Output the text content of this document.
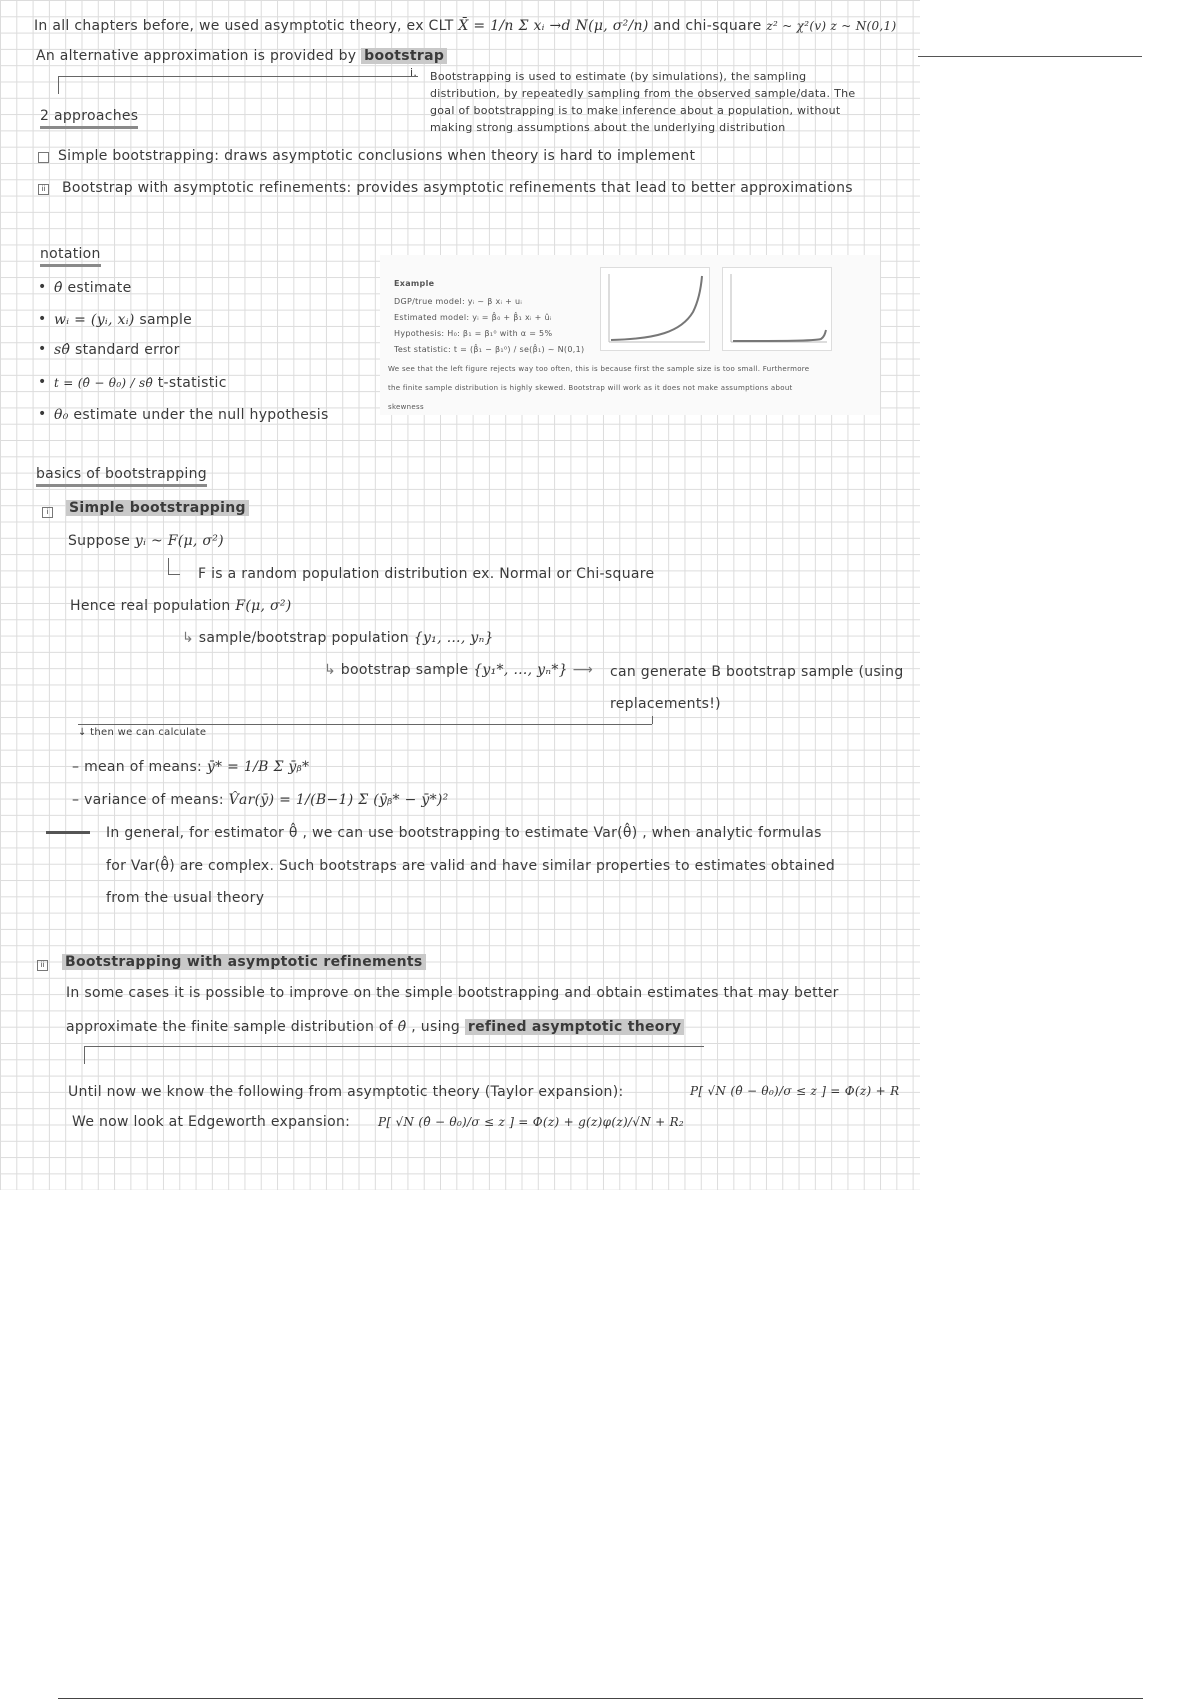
In all chapters before, we used asymptotic theory, ex CLT X̄ = 1/n Σ xᵢ →d N(μ, σ²/n) and chi-square z² ~ χ²(v) z ~ N(0,1)
An alternative approximation is provided by bootstrap
i. Bootstrapping is used to estimate (by simulations), the sampling
distribution, by repeatedly sampling from the observed sample/data. The
goal of bootstrapping is to make inference about a population, without
making strong assumptions about the underlying distribution
2 approaches
Simple bootstrapping: draws asymptotic conclusions when theory is hard to implement
ii Bootstrap with asymptotic refinements: provides asymptotic refinements that lead to better approximations
notation
• θ̂ estimate
• wᵢ = (yᵢ, xᵢ) sample
• sθ̂ standard error
• t = (θ̂ − θ₀) / sθ̂ t-statistic
• θ₀ estimate under the null hypothesis
Example
DGP/true model: yᵢ ~ β xᵢ + uᵢ
Estimated model: yᵢ = β̂₀ + β̂₁ xᵢ + ûᵢ
Hypothesis: H₀: β₁ = β₁⁰ with α = 5%
Test statistic: t = (β̂₁ − β₁⁰) / se(β̂₁) ~ N(0,1)
We see that the left figure rejects way too often, this is because first the sample size is too small. Furthermore
the finite sample distribution is highly skewed. Bootstrap will work as it does not make assumptions about
skewness
basics of bootstrapping
i	Simple bootstrapping
Suppose yᵢ ~ F(μ, σ²)
F is a random population distribution ex. Normal or Chi-square
Hence real population F(μ, σ²)
↳ sample/bootstrap population {y₁, …, yₙ}
↳ bootstrap sample {y₁*, …, yₙ*} ⟶ can generate B bootstrap sample (using
replacements!)
↓ then we can calculate
– mean of means: ȳ* = 1/B Σ ȳᵦ*
– variance of means: V̂ar(ȳ) = 1/(B−1) Σ (ȳᵦ* − ȳ*)²
In general, for estimator θ̂ , we can use bootstrapping to estimate Var(θ̂) , when analytic formulas
for Var(θ̂) are complex. Such bootstraps are valid and have similar properties to estimates obtained
from the usual theory
ii Bootstrapping with asymptotic refinements
In some cases it is possible to improve on the simple bootstrapping and obtain estimates that may better
approximate the finite sample distribution of θ̂ , using refined asymptotic theory
Until now we know the following from asymptotic theory (Taylor expansion):	P[ √N (θ̂ − θ₀)/σ ≤ z ] = Φ(z) + R
We now look at Edgeworth expansion: P[ √N (θ̂ − θ₀)/σ ≤ z ] = Φ(z) + g(z)φ(z)/√N + R₂
